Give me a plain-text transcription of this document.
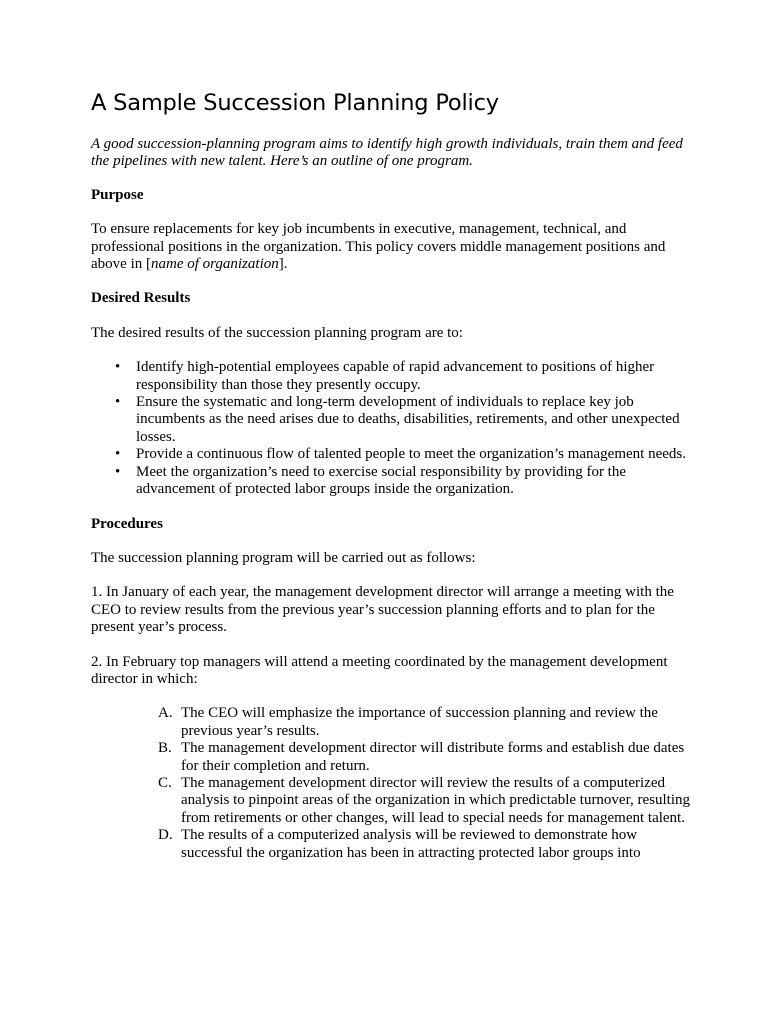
A Sample Succession Planning Policy

A good succession-planning program aims to identify high growth individuals, train them and feed the pipelines with new talent. Here’s an outline of one program.

Purpose

To ensure replacements for key job incumbents in executive, management, technical, and professional positions in the organization. This policy covers middle management positions and above in [name of organization].

Desired Results

The desired results of the succession planning program are to:

• Identify high-potential employees capable of rapid advancement to positions of higher responsibility than those they presently occupy.
• Ensure the systematic and long-term development of individuals to replace key job incumbents as the need arises due to deaths, disabilities, retirements, and other unexpected losses.
• Provide a continuous flow of talented people to meet the organization’s management needs.
• Meet the organization’s need to exercise social responsibility by providing for the advancement of protected labor groups inside the organization.
Procedures

The succession planning program will be carried out as follows:

1. In January of each year, the management development director will arrange a meeting with the CEO to review results from the previous year’s succession planning efforts and to plan for the present year’s process.

2. In February top managers will attend a meeting coordinated by the management development director in which:

A. The CEO will emphasize the importance of succession planning and review the previous year’s results.
B. The management development director will distribute forms and establish due dates for their completion and return.
C. The management development director will review the results of a computerized analysis to pinpoint areas of the organization in which predictable turnover, resulting from retirements or other changes, will lead to special needs for management talent.
D. The results of a computerized analysis will be reviewed to demonstrate how successful the organization has been in attracting protected labor groups into
